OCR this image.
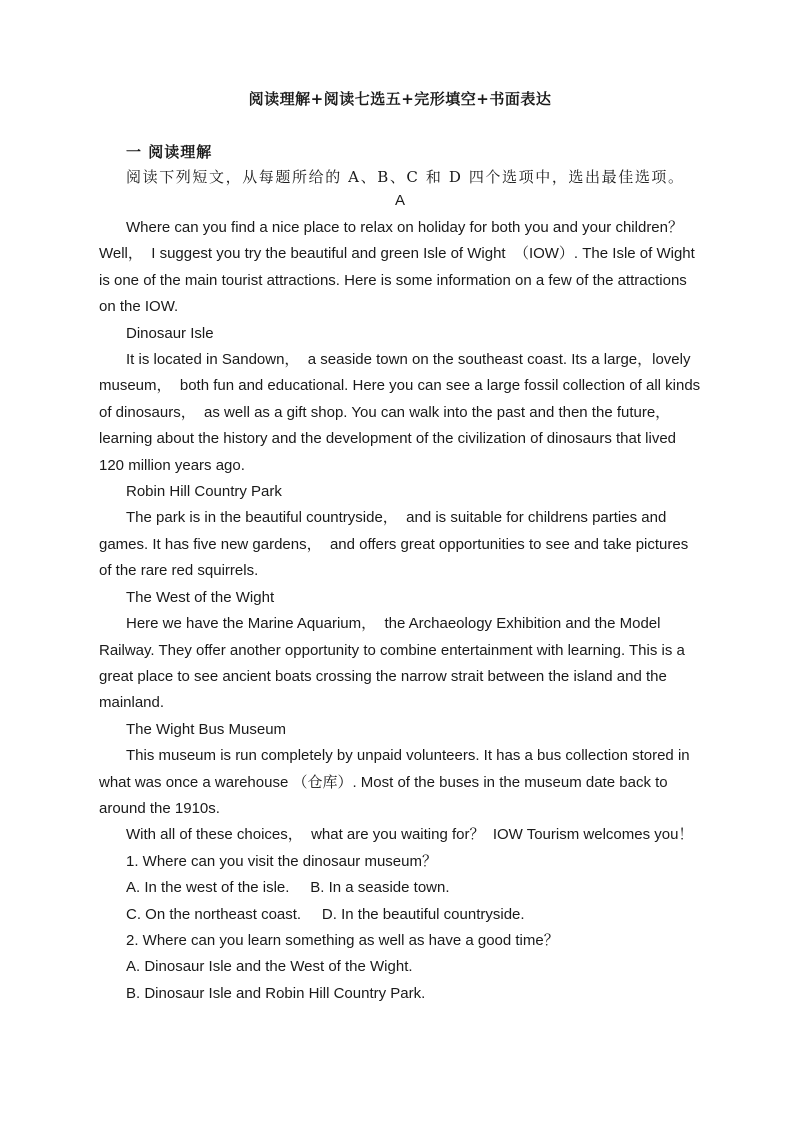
阅读理解+阅读七选五+完形填空+书面表达
一 阅读理解
阅读下列短文，从每题所给的 A、B、C 和 D 四个选项中，选出最佳选项。
A

Where can you find a nice place to relax on holiday for both you and your children？Well，  I suggest you try the beautiful and green Isle of Wight  （IOW）. The Isle of Wight is one of the main tourist attractions. Here is some information on a few of the attractions on the IOW.

Dinosaur Isle

It is located in Sandown，  a seaside town on the southeast coast. Its a large，lovely museum，  both fun and educational. Here you can see a large fossil collection of all kinds of dinosaurs，  as well as a gift shop. You can walk into the past and then the future，  learning about the history and the development of the civilization of dinosaurs that lived 120 million years ago.

Robin Hill Country Park

The park is in the beautiful countryside，  and is suitable for childrens parties and games. It has five new gardens，  and offers great opportunities to see and take pictures of the rare red squirrels.

The West of the Wight

Here we have the Marine Aquarium，  the Archaeology Exhibition and the Model Railway. They offer another opportunity to combine entertainment with learning. This is a great place to see ancient boats crossing the narrow strait between the island and the mainland.

The Wight Bus Museum

This museum is run completely by unpaid volunteers. It has a bus collection stored in what was once a warehouse （仓库）. Most of the buses in the museum date back to around the 1910s.

With all of these choices，  what are you waiting for？  IOW Tourism welcomes you！

1. Where can you visit the dinosaur museum？

A. In the west of the isle.     B. In a seaside town.

C. On the northeast coast.     D. In the beautiful countryside.

2. Where can you learn something as well as have a good time？

A. Dinosaur Isle and the West of the Wight.

B. Dinosaur Isle and Robin Hill Country Park.
